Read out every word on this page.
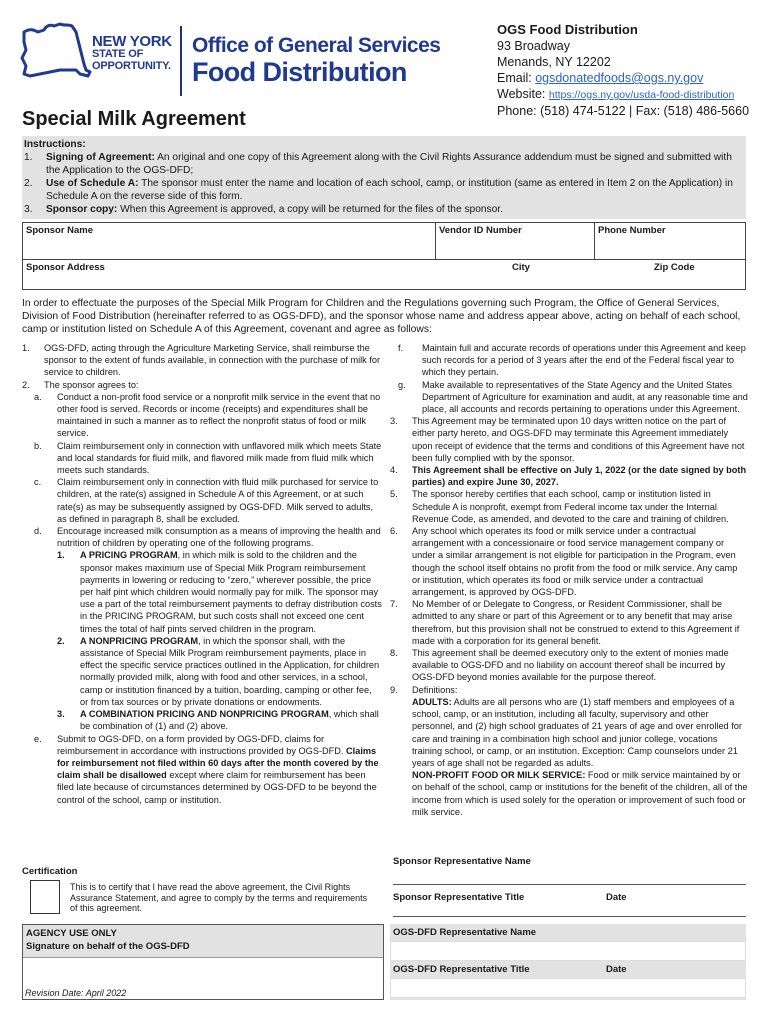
NEW YORK
STATE OF
OPPORTUNITY.
Office of General Services
Food Distribution
OGS Food Distribution
93 Broadway
Menands, NY 12202
Email: ogsdonatedfoods@ogs.ny.gov
Website: https://ogs.ny.gov/usda-food-distribution
Phone: (518) 474-5122 | Fax: (518) 486-5660
Special Milk Agreement
Instructions:
1.	Signing of Agreement: An original and one copy of this Agreement along with the Civil Rights Assurance addendum must be signed and submitted with the Application to the OGS-DFD;
2.	Use of Schedule A: The sponsor must enter the name and location of each school, camp, or institution (same as entered in Item 2 on the Application) in Schedule A on the reverse side of this form.
3.	Sponsor copy: When this Agreement is approved, a copy will be returned for the files of the sponsor.
Sponsor Name	Vendor ID Number	Phone Number
Sponsor Address	City	Zip Code
In order to effectuate the purposes of the Special Milk Program for Children and the Regulations governing such Program, the Office of General Services, Division of Food Distribution (hereinafter referred to as OGS-DFD), and the sponsor whose name and address appear above, acting on behalf of each school, camp or institution listed on Schedule A of this Agreement, covenant and agree as follows:
1.	OGS-DFD, acting through the Agriculture Marketing Service, shall reimburse the sponsor to the extent of funds available, in connection with the purchase of milk for service to children.
2.	The sponsor agrees to:
a.	Conduct a non-profit food service or a nonprofit milk service in the event that no other food is served. Records or income (receipts) and expenditures shall be maintained in such a manner as to reflect the nonprofit status of food or milk service.
b.	Claim reimbursement only in connection with unflavored milk which meets State and local standards for fluid milk, and flavored milk made from fluid milk which meets such standards.
c.	Claim reimbursement only in connection with fluid milk purchased for service to children, at the rate(s) assigned in Schedule A of this Agreement, or at such rate(s) as may be subsequently assigned by OGS-DFD. Milk served to adults, as defined in paragraph 8, shall be excluded.
d.	Encourage increased milk consumption as a means of improving the health and nutrition of children by operating one of the following programs.
1.	A PRICING PROGRAM, in which milk is sold to the children and the sponsor makes maximum use of Special Milk Program reimbursement payments in lowering or reducing to “zero,” wherever possible, the price per half pint which children would normally pay for milk. The sponsor may use a part of the total reimbursement payments to defray distribution costs in the PRICING PROGRAM, but such costs shall not exceed one cent times the total of half pints served children in the program.
2.	A NONPRICING PROGRAM, in which the sponsor shall, with the assistance of Special Milk Program reimbursement payments, place in effect the specific service practices outlined in the Application, for children normally provided milk, along with food and other services, in a school, camp or institution financed by a tuition, boarding, camping or other fee, or from tax sources or by private donations or endowments.
3.	A COMBINATION PRICING AND NONPRICING PROGRAM, which shall be combination of (1) and (2) above.
e.	Submit to OGS-DFD, on a form provided by OGS-DFD, claims for reimbursement in accordance with instructions provided by OGS-DFD. Claims for reimbursement not filed within 60 days after the month covered by the claim shall be disallowed except where claim for reimbursement has been filed late because of circumstances determined by OGS-DFD to be beyond the control of the school, camp or institution.
f.	Maintain full and accurate records of operations under this Agreement and keep such records for a period of 3 years after the end of the Federal fiscal year to which they pertain.
g.	Make available to representatives of the State Agency and the United States Department of Agriculture for examination and audit, at any reasonable time and place, all accounts and records pertaining to operations under this Agreement.
3.	This Agreement may be terminated upon 10 days written notice on the part of either party hereto, and OGS-DFD may terminate this Agreement immediately upon receipt of evidence that the terms and conditions of this Agreement have not been fully complied with by the sponsor.
4.	This Agreement shall be effective on July 1, 2022 (or the date signed by both parties) and expire June 30, 2027.
5.	The sponsor hereby certifies that each school, camp or institution listed in Schedule A is nonprofit, exempt from Federal income tax under the Internal Revenue Code, as amended, and devoted to the care and training of children.
6.	Any school which operates its food or milk service under a contractual arrangement with a concessionaire or food service management company or under a similar arrangement is not eligible for participation in the Program, even though the school itself obtains no profit from the food or milk service. Any camp or institution, which operates its food or milk service under a contractual arrangement, is approved by OGS-DFD.
7.	No Member of or Delegate to Congress, or Resident Commissioner, shall be admitted to any share or part of this Agreement or to any benefit that may arise therefrom, but this provision shall not be construed to extend to this Agreement if made with a corporation for its general benefit.
8.	This agreement shall be deemed executory only to the extent of monies made available to OGS-DFD and no liability on account thereof shall be incurred by OGS-DFD beyond monies available for the purpose thereof.
9.	Definitions:
ADULTS: Adults are all persons who are (1) staff members and employees of a school, camp, or an institution, including all faculty, supervisory and other personnel, and (2) high school graduates of 21 years of age and over enrolled for care and training in a combination high school and junior college, vocations training school, or camp, or an institution. Exception: Camp counselors under 21 years of age shall not be regarded as adults.
NON-PROFIT FOOD OR MILK SERVICE: Food or milk service maintained by or on behalf of the school, camp or institutions for the benefit of the children, all of the income from which is used solely for the operation or improvement of such food or milk service.
Certification
This is to certify that I have read the above agreement, the Civil Rights Assurance Statement, and agree to comply by the terms and requirements of this agreement.
Sponsor Representative Name
Sponsor Representative Title	Date
AGENCY USE ONLY
Signature on behalf of the OGS-DFD
Revision Date: April 2022
OGS-DFD Representative Name
OGS-DFD Representative Title	Date
